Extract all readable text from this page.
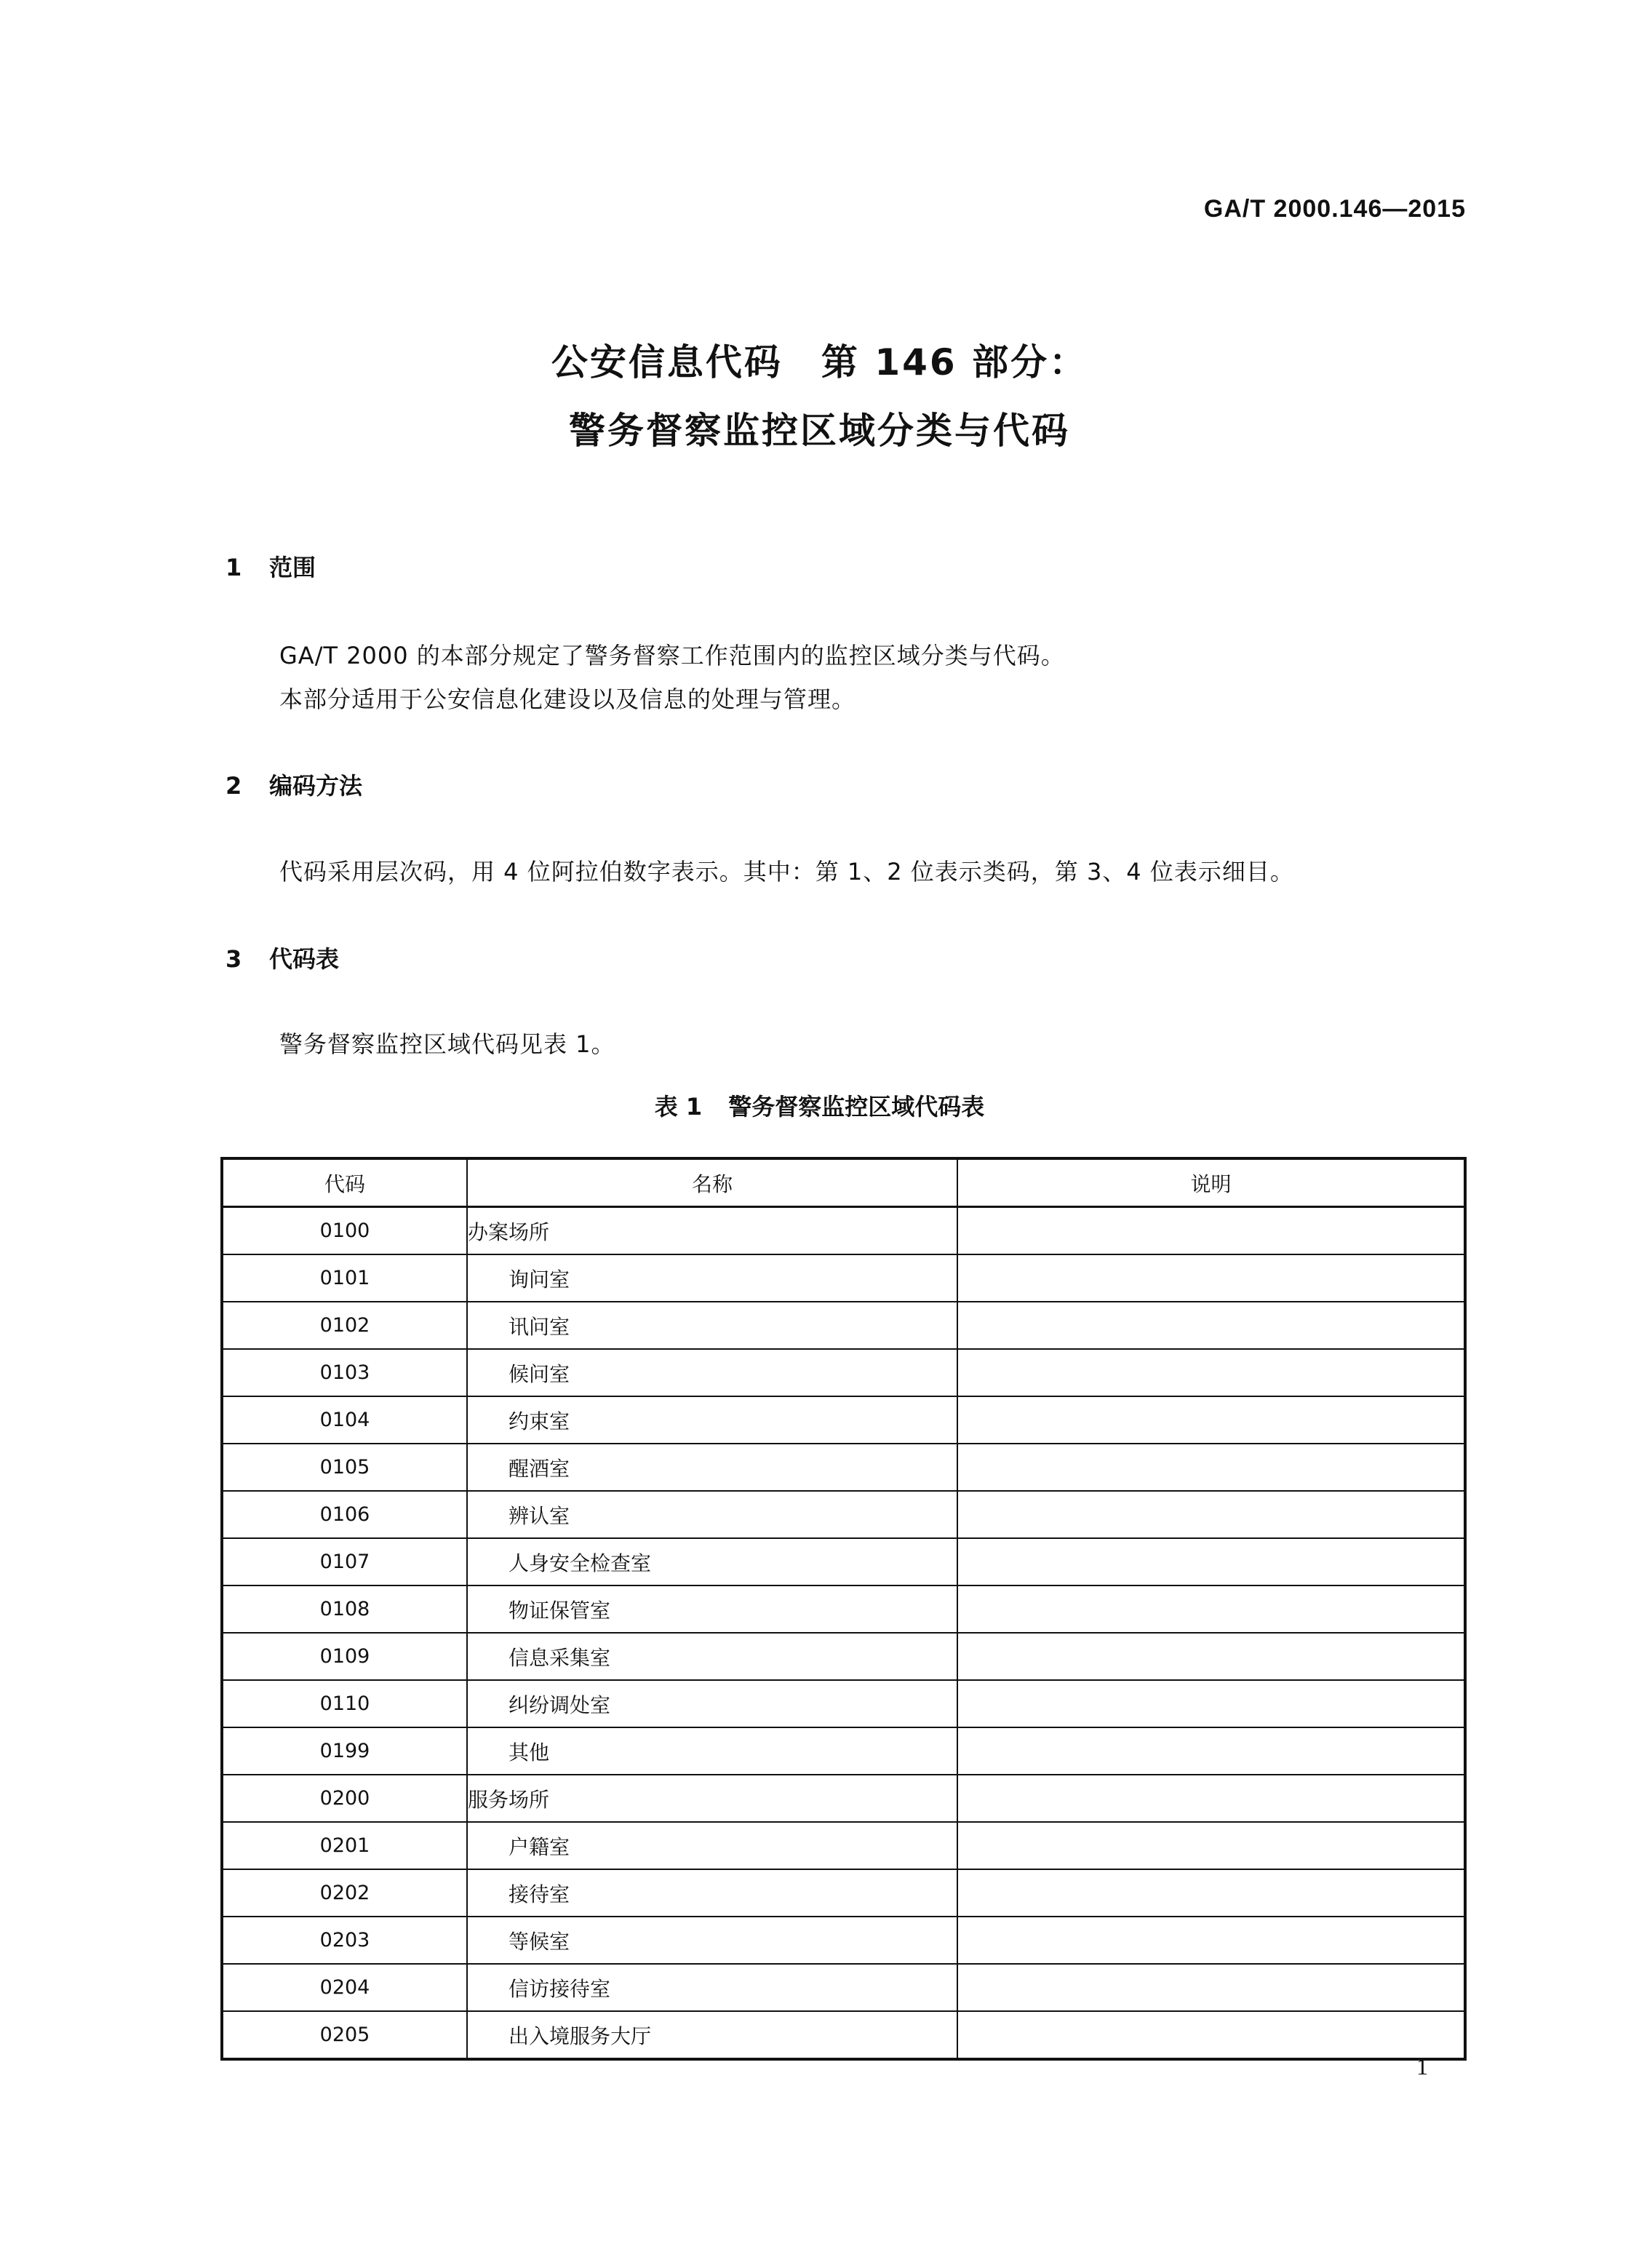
GA/T 2000.146—2015
公安信息代码　第 146 部分：
警务督察监控区域分类与代码
1 范围
GA/T 2000 的本部分规定了警务督察工作范围内的监控区域分类与代码。
本部分适用于公安信息化建设以及信息的处理与管理。
2 编码方法
代码采用层次码，用 4 位阿拉伯数字表示。其中：第 1、2 位表示类码，第 3、4 位表示细目。
3 代码表
警务督察监控区域代码见表 1。
表 1 警务督察监控区域代码表
代码	名称	说明
0100	办案场所	
0101	询问室	
0102	讯问室	
0103	候问室	
0104	约束室	
0105	醒酒室	
0106	辨认室	
0107	人身安全检查室	
0108	物证保管室	
0109	信息采集室	
0110	纠纷调处室	
0199	其他	
0200	服务场所	
0201	户籍室	
0202	接待室	
0203	等候室	
0204	信访接待室	
0205	出入境服务大厅	
1
